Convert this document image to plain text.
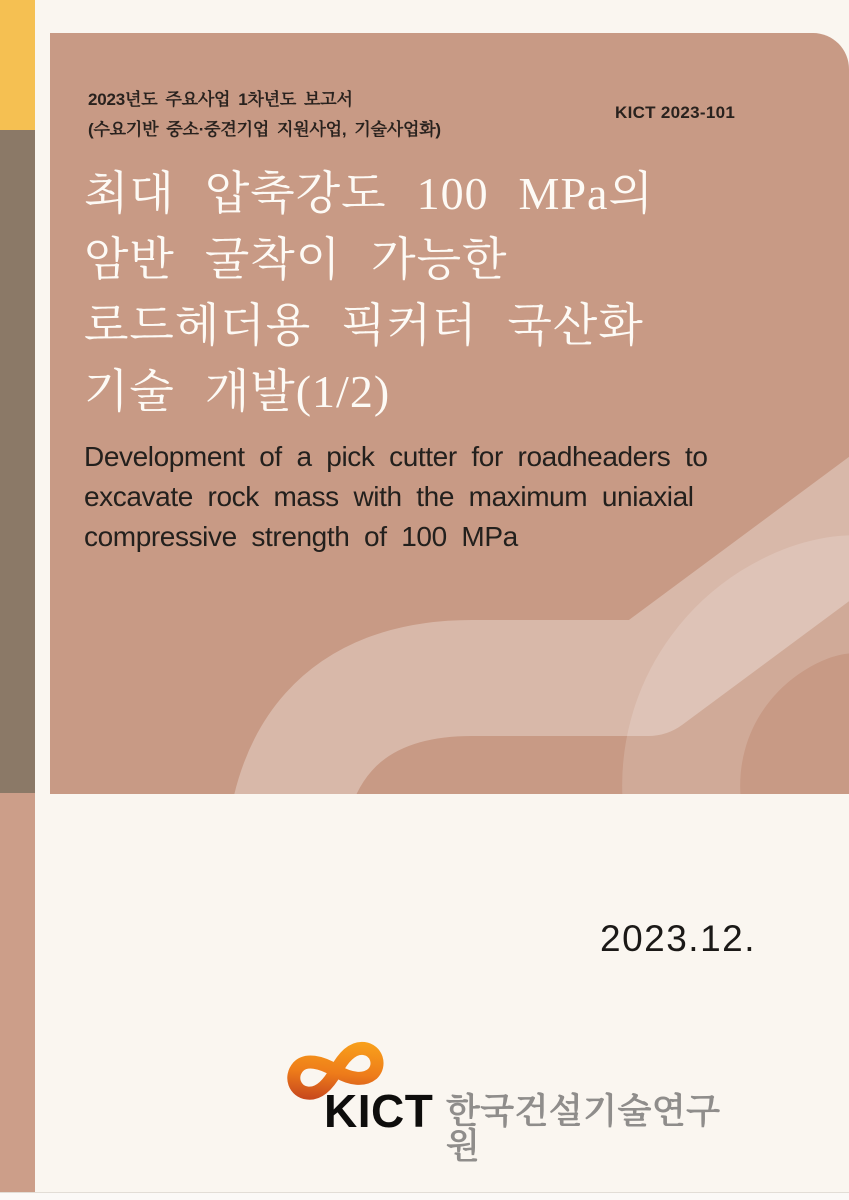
2023년도 주요사업 1차년도 보고서
(수요기반 중소·중견기업 지원사업, 기술사업화)
KICT 2023-101
최대 압축강도 100 MPa의
암반 굴착이 가능한
로드헤더용 픽커터 국산화
기술 개발(1/2)

Development of a pick cutter for roadheaders to
excavate rock mass with the maximum uniaxial
compressive strength of 100 MPa

2023.12.
KICT 한국건설기술연구원
